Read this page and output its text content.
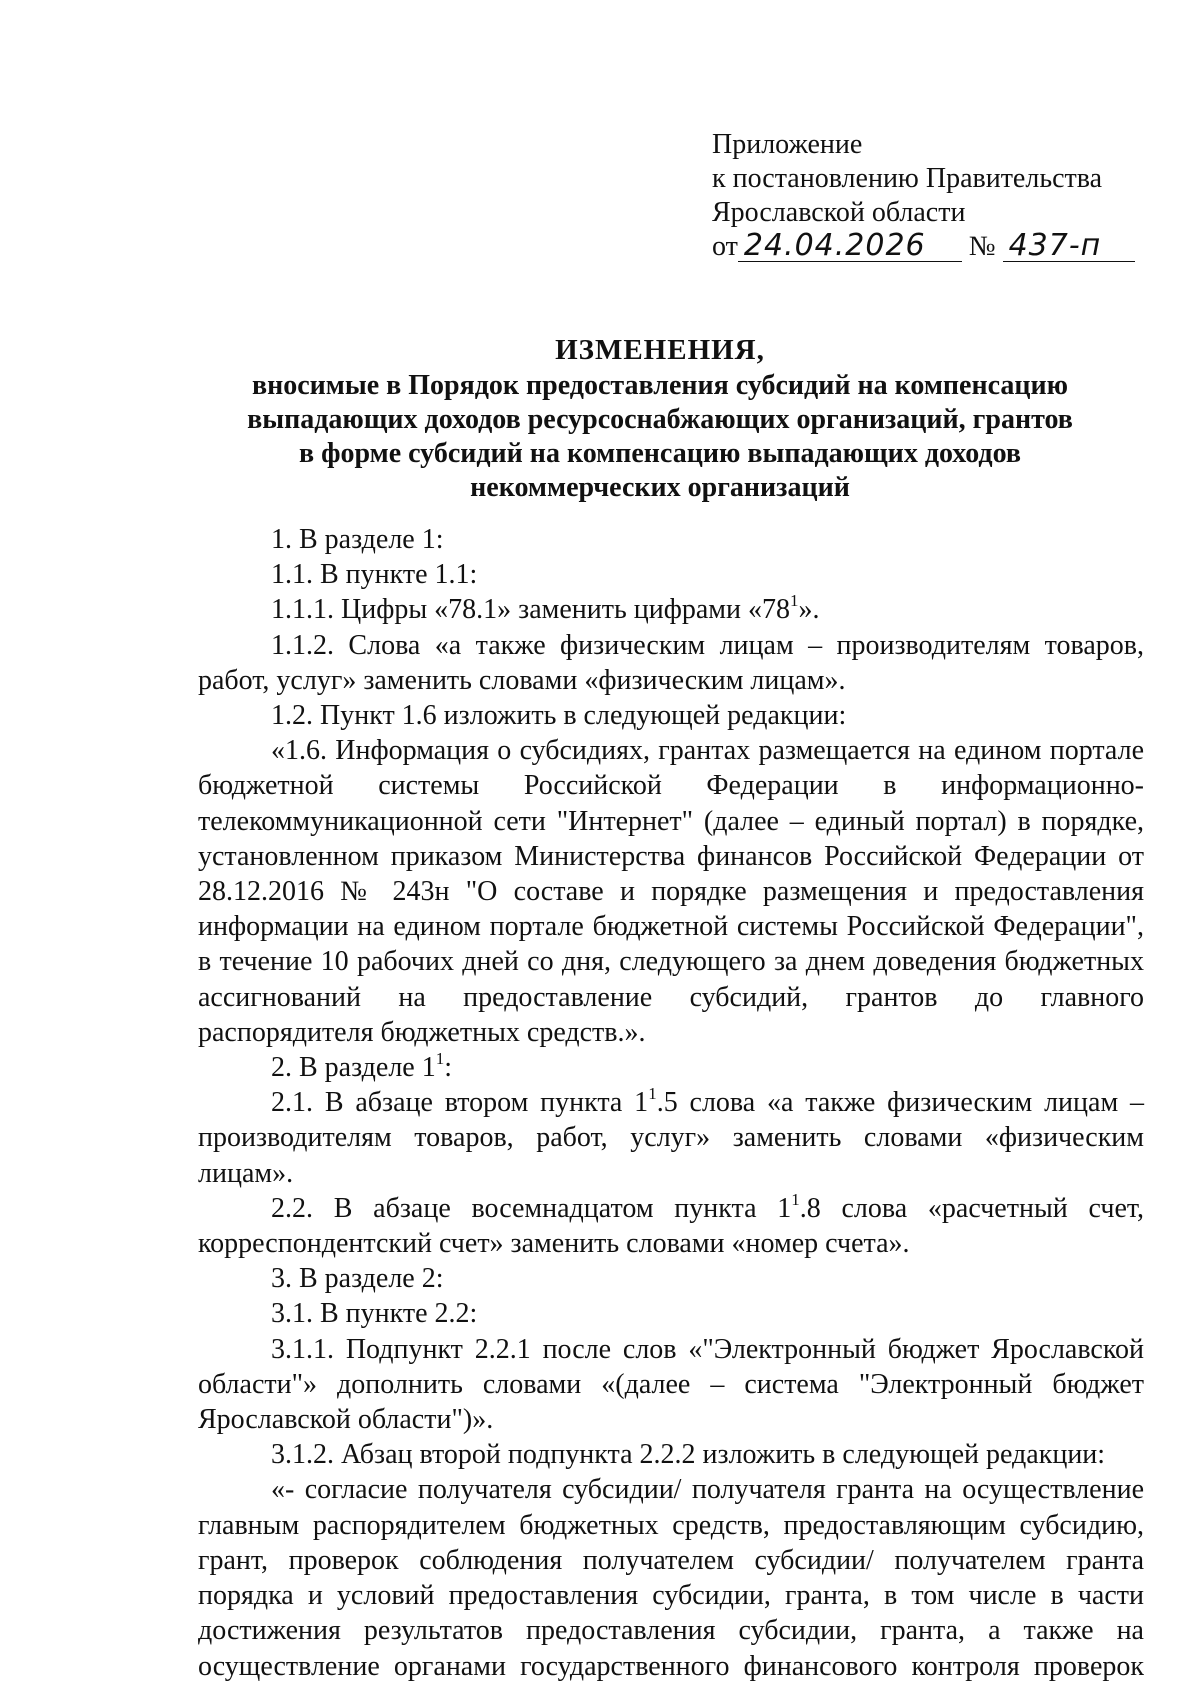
Приложение
к постановлению Правительства
Ярославской области
от 24.04.2026 № 437-п
ИЗМЕНЕНИЯ,
вносимые в Порядок предоставления субсидий на компенсацию
выпадающих доходов ресурсоснабжающих организаций, грантов
в форме субсидий на компенсацию выпадающих доходов
некоммерческих организаций

1. В разделе 1:

1.1. В пункте 1.1:

1.1.1. Цифры «78.1» заменить цифрами «$78^1$».

1.1.2. Слова «а также физическим лицам – производителям товаров, работ, услуг» заменить словами «физическим лицам».

1.2. Пункт 1.6 изложить в следующей редакции:

«1.6. Информация о субсидиях, грантах размещается на едином портале бюджетной системы Российской Федерации в информационно-телекоммуникационной сети "Интернет" (далее – единый портал) в порядке, установленном приказом Министерства финансов Российской Федерации от 28.12.2016 № 243н "О составе и порядке размещения и предоставления информации на едином портале бюджетной системы Российской Федерации", в течение 10 рабочих дней со дня, следующего за днем доведения бюджетных ассигнований на предоставление субсидий, грантов до главного распорядителя бюджетных средств.».

2. В разделе $1^1$:

2.1. В абзаце втором пункта $1^1.5$ слова «а также физическим лицам – производителям товаров, работ, услуг» заменить словами «физическим лицам».

2.2. В абзаце восемнадцатом пункта $1^1.8$ слова «расчетный счет, корреспондентский счет» заменить словами «номер счета».

3. В разделе 2:

3.1. В пункте 2.2:

3.1.1. Подпункт 2.2.1 после слов «"Электронный бюджет Ярославской области"» дополнить словами «(далее – система "Электронный бюджет Ярославской области")».

3.1.2. Абзац второй подпункта 2.2.2 изложить в следующей редакции:

«- согласие получателя субсидии/ получателя гранта на осуществление главным распорядителем бюджетных средств, предоставляющим субсидию, грант, проверок соблюдения получателем субсидии/ получателем гранта порядка и условий предоставления субсидии, гранта, в том числе в части достижения результатов предоставления субсидии, гранта, а также на осуществление органами государственного финансового контроля проверок
